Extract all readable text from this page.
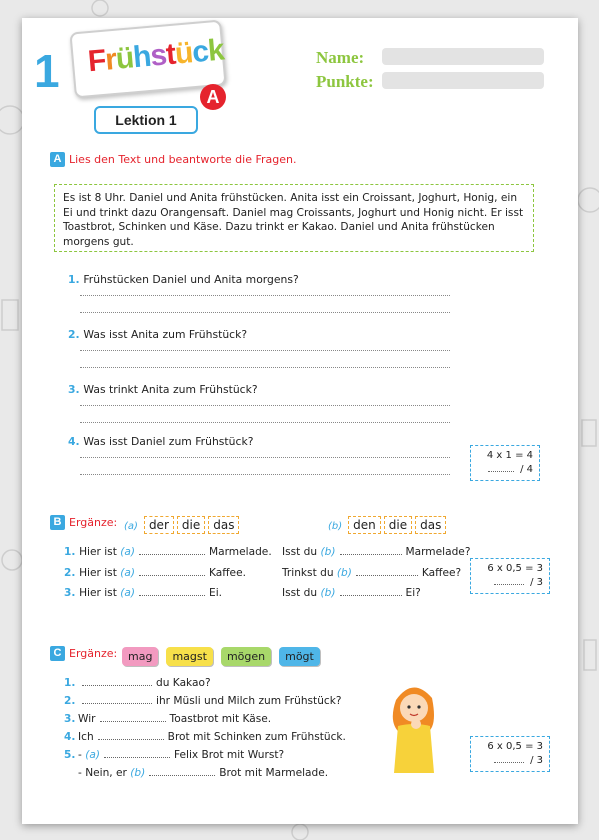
1 Frühstück
A
Lektion 1
Name:
Punkte:
A Lies den Text und beantworte die Fragen.
Es ist 8 Uhr. Daniel und Anita frühstücken. Anita isst ein Croissant, Joghurt, Honig, ein Ei und trinkt dazu Orangensaft. Daniel mag Croissants, Joghurt und Honig nicht. Er isst Toastbrot, Schinken und Käse. Dazu trinkt er Kakao. Daniel und Anita frühstücken morgens gut.
1. Frühstücken Daniel und Anita morgens?
2. Was isst Anita zum Frühstück?
3. Was trinkt Anita zum Frühstück?
4. Was isst Daniel zum Frühstück?
4 x 1 = 4
/ 4
B Ergänze: (a) der die das	(b) den die das
1. Hier ist (a)	Marmelade. Isst du (b)	Marmelade?
2. Hier ist (a)	Kaffee.	Trinkst du (b)	Kaffee?
3. Hier ist (a)	Ei.	Isst du (b)	Ei?
6 x 0,5 = 3
/ 3
C Ergänze: mag magst mögen mögt
1.	du Kakao?
2.	ihr Müsli und Milch zum Frühstück?
3. Wir	Toastbrot mit Käse.
4. Ich	Brot mit Schinken zum Frühstück.
5. - (a)	Felix Brot mit Wurst?
- Nein, er (b)	Brot mit Marmelade.
6 x 0,5 = 3
/ 3
